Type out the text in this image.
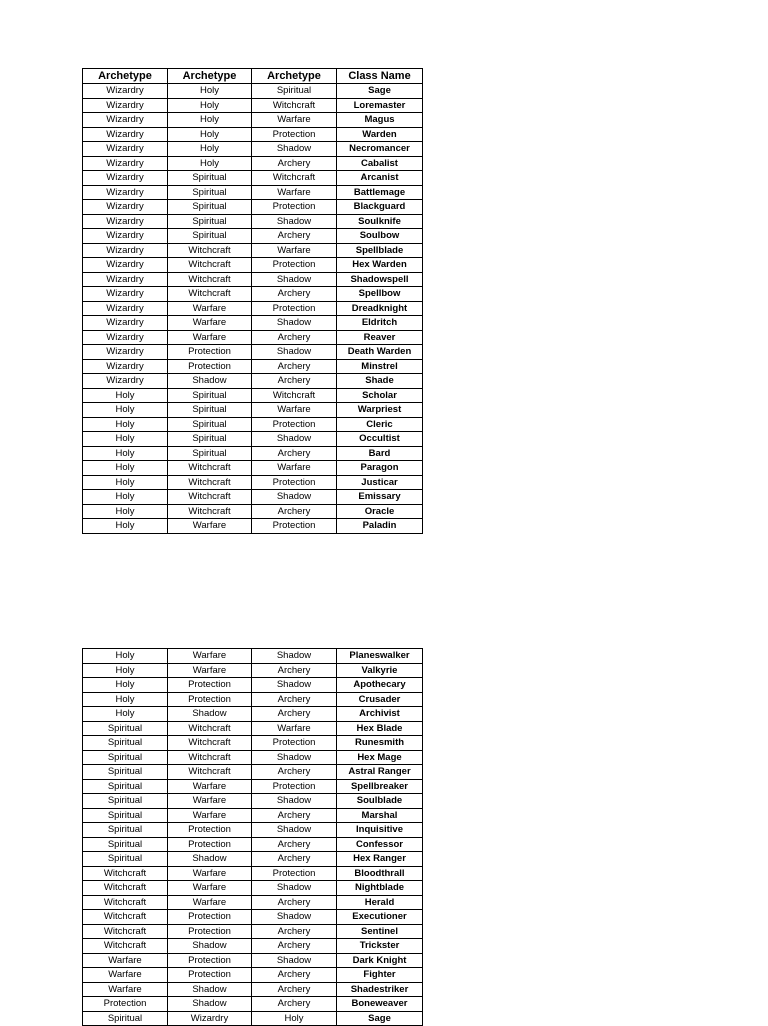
Archetype	Archetype	Archetype	Class Name
Wizardry	Holy	Spiritual	Sage
Wizardry	Holy	Witchcraft	Loremaster
Wizardry	Holy	Warfare	Magus
Wizardry	Holy	Protection	Warden
Wizardry	Holy	Shadow	Necromancer
Wizardry	Holy	Archery	Cabalist
Wizardry	Spiritual	Witchcraft	Arcanist
Wizardry	Spiritual	Warfare	Battlemage
Wizardry	Spiritual	Protection	Blackguard
Wizardry	Spiritual	Shadow	Soulknife
Wizardry	Spiritual	Archery	Soulbow
Wizardry	Witchcraft	Warfare	Spellblade
Wizardry	Witchcraft	Protection	Hex Warden
Wizardry	Witchcraft	Shadow	Shadowspell
Wizardry	Witchcraft	Archery	Spellbow
Wizardry	Warfare	Protection	Dreadknight
Wizardry	Warfare	Shadow	Eldritch
Wizardry	Warfare	Archery	Reaver
Wizardry	Protection	Shadow	Death Warden
Wizardry	Protection	Archery	Minstrel
Wizardry	Shadow	Archery	Shade
Holy	Spiritual	Witchcraft	Scholar
Holy	Spiritual	Warfare	Warpriest
Holy	Spiritual	Protection	Cleric
Holy	Spiritual	Shadow	Occultist
Holy	Spiritual	Archery	Bard
Holy	Witchcraft	Warfare	Paragon
Holy	Witchcraft	Protection	Justicar
Holy	Witchcraft	Shadow	Emissary
Holy	Witchcraft	Archery	Oracle
Holy	Warfare	Protection	Paladin
Holy	Warfare	Shadow	Planeswalker
Holy	Warfare	Archery	Valkyrie
Holy	Protection	Shadow	Apothecary
Holy	Protection	Archery	Crusader
Holy	Shadow	Archery	Archivist
Spiritual	Witchcraft	Warfare	Hex Blade
Spiritual	Witchcraft	Protection	Runesmith
Spiritual	Witchcraft	Shadow	Hex Mage
Spiritual	Witchcraft	Archery	Astral Ranger
Spiritual	Warfare	Protection	Spellbreaker
Spiritual	Warfare	Shadow	Soulblade
Spiritual	Warfare	Archery	Marshal
Spiritual	Protection	Shadow	Inquisitive
Spiritual	Protection	Archery	Confessor
Spiritual	Shadow	Archery	Hex Ranger
Witchcraft	Warfare	Protection	Bloodthrall
Witchcraft	Warfare	Shadow	Nightblade
Witchcraft	Warfare	Archery	Herald
Witchcraft	Protection	Shadow	Executioner
Witchcraft	Protection	Archery	Sentinel
Witchcraft	Shadow	Archery	Trickster
Warfare	Protection	Shadow	Dark Knight
Warfare	Protection	Archery	Fighter
Warfare	Shadow	Archery	Shadestriker
Protection	Shadow	Archery	Boneweaver
Spiritual	Wizardry	Holy	Sage
